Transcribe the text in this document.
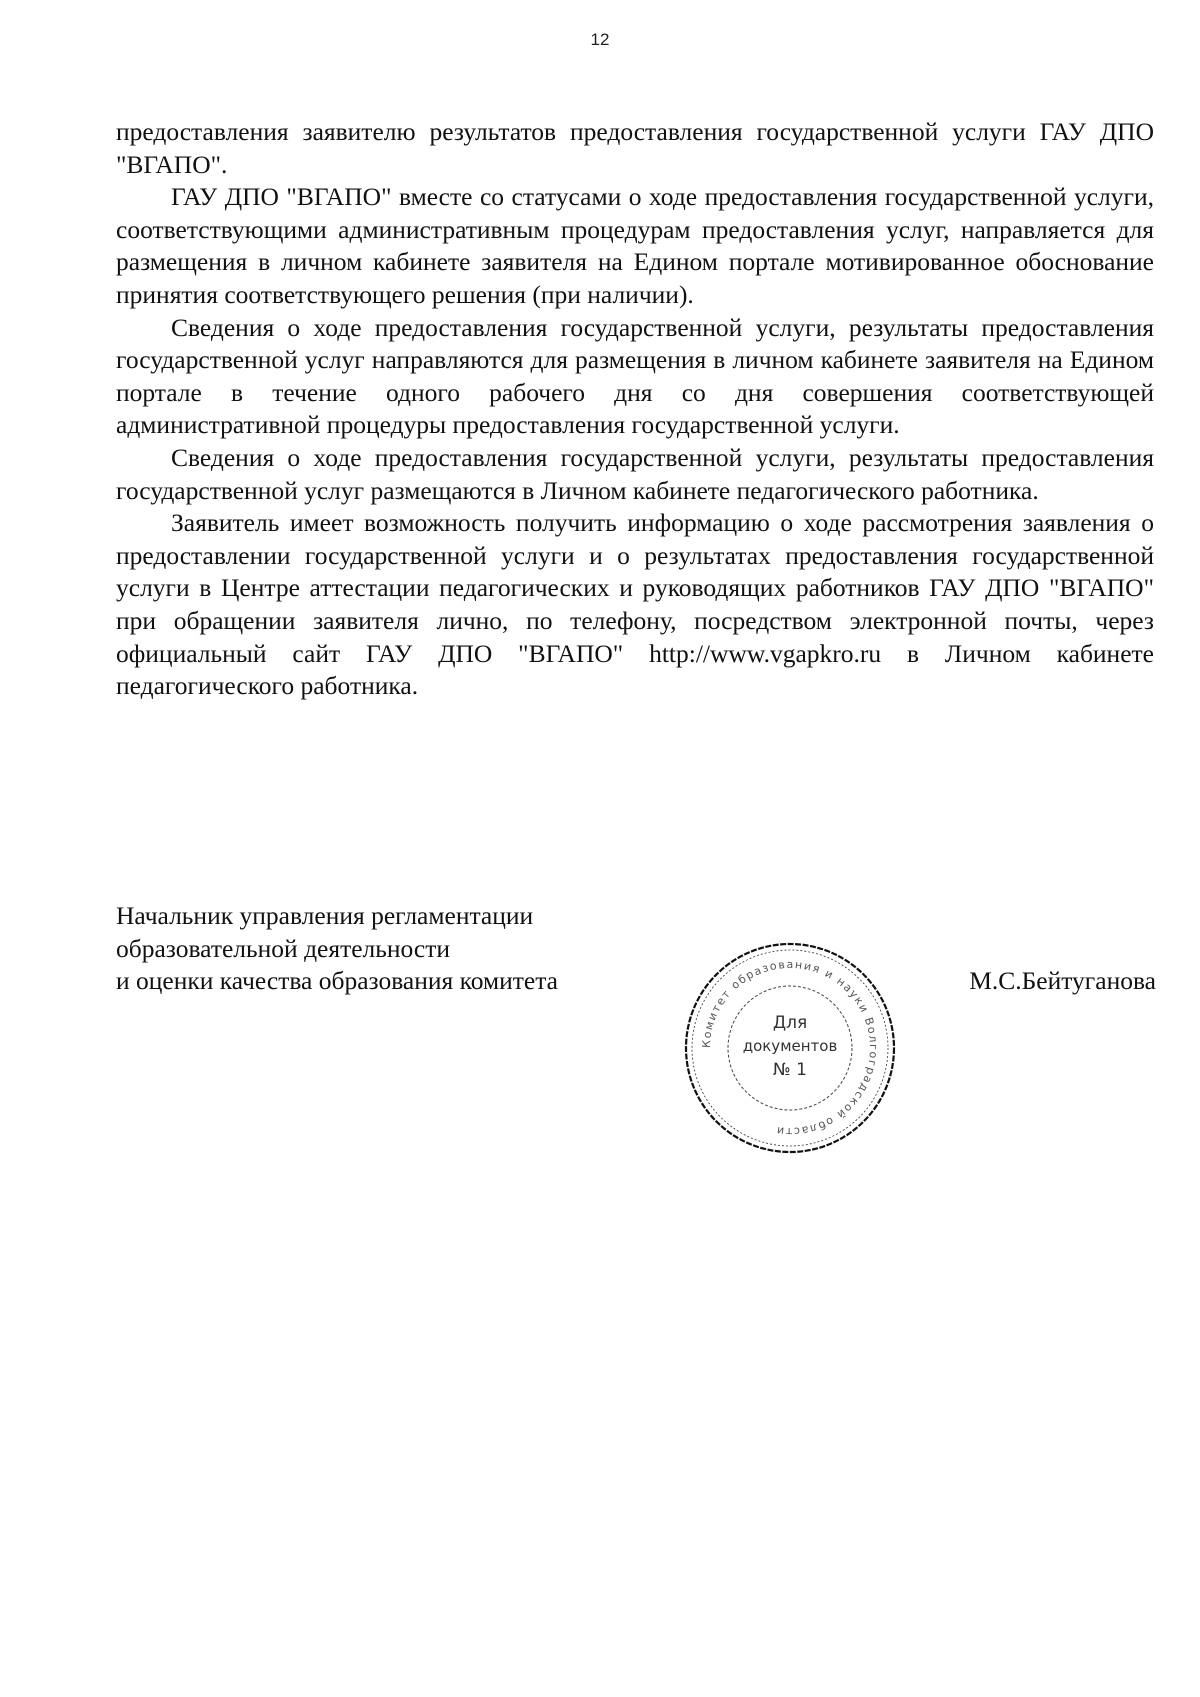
12

предоставления заявителю результатов предоставления государственной услуги ГАУ ДПО "ВГАПО".

ГАУ ДПО "ВГАПО" вместе со статусами о ходе предоставления государственной услуги, соответствующими административным процедурам предоставления услуг, направляется для размещения в личном кабинете заявителя на Едином портале мотивированное обоснование принятия соответствующего решения (при наличии).

Сведения о ходе предоставления государственной услуги, результаты предоставления государственной услуг направляются для размещения в личном кабинете заявителя на Едином портале в течение одного рабочего дня со дня совершения соответствующей административной процедуры предоставления государственной услуги.

Сведения о ходе предоставления государственной услуги, результаты предоставления государственной услуг размещаются в Личном кабинете педагогического работника.

Заявитель имеет возможность получить информацию о ходе рассмотрения заявления о предоставлении государственной услуги и о результатах предоставления государственной услуги в Центре аттестации педагогических и руководящих работников ГАУ ДПО "ВГАПО" при обращении заявителя лично, по телефону, посредством электронной почты, через официальный сайт ГАУ ДПО "ВГАПО" http://www.vgapkro.ru в Личном кабинете педагогического работника.

Начальник управления регламентации
образовательной деятельности
и оценки качества образования комитета	М.С.Бейтуганова
Комитет образования и науки Волгоградской области
Для
документов
№ 1
